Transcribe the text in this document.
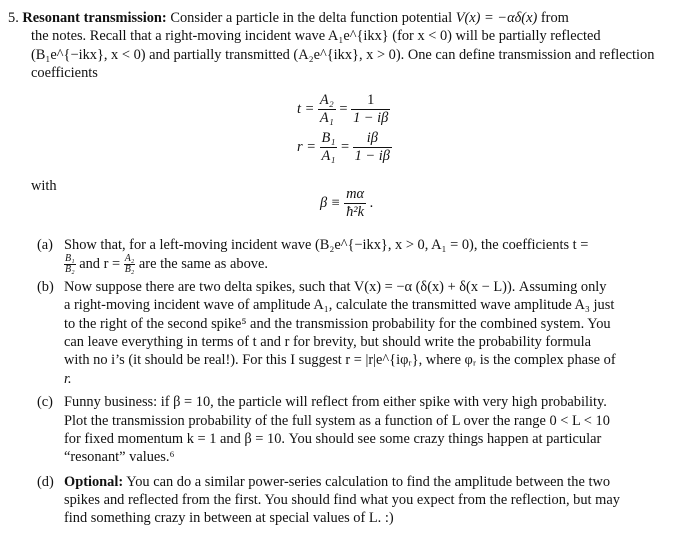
5. Resonant transmission: Consider a particle in the delta function potential V(x) = −αδ(x) from
the notes. Recall that a right-moving incident wave A₁e^{ikx} (for x < 0) will be partially reflected
(B₁e^{−ikx}, x < 0) and partially transmitted (A₂e^{ikx}, x > 0). One can define transmission and reflection
coefficients
$t = \frac{\text{A₂}}{\text{A₁}} = \frac{1}{1 - i\beta}$
$r = \frac{\text{B₁}}{\text{A₁}} = \frac{i\beta}{1 - i\beta}$
with
$\beta \equiv \frac{m\alpha}{\text{ħ²k}}$ .
(a) Show that, for a left-moving incident wave (B₂e^{−ikx}, x > 0, A₁ = 0), the coefficients t =
$\frac{\text{B₁}}{\text{B₂}}$ and $r = \frac{\text{A₂}}{\text{B₂}}$ are the same as above.
(b) Now suppose there are two delta spikes, such that V(x) = −α (δ(x) + δ(x − L)). Assuming only
a right-moving incident wave of amplitude A₁, calculate the transmitted wave amplitude A₃ just
to the right of the second spike⁵ and the transmission probability for the combined system. You
can leave everything in terms of t and r for brevity, but should write the probability formula
with no i’s (it should be real!). For this I suggest r = |r|e^{iφᵣ}, where φᵣ is the complex phase of
r.
(c) Funny business: if β = 10, the particle will reflect from either spike with very high probability.
Plot the transmission probability of the full system as a function of L over the range 0 < L < 10
for fixed momentum k = 1 and β = 10. You should see some crazy things happen at particular
“resonant” values.⁶
(d) Optional: You can do a similar power-series calculation to find the amplitude between the two
spikes and reflected from the first. You should find what you expect from the reflection, but may
find something crazy in between at special values of L. :)
